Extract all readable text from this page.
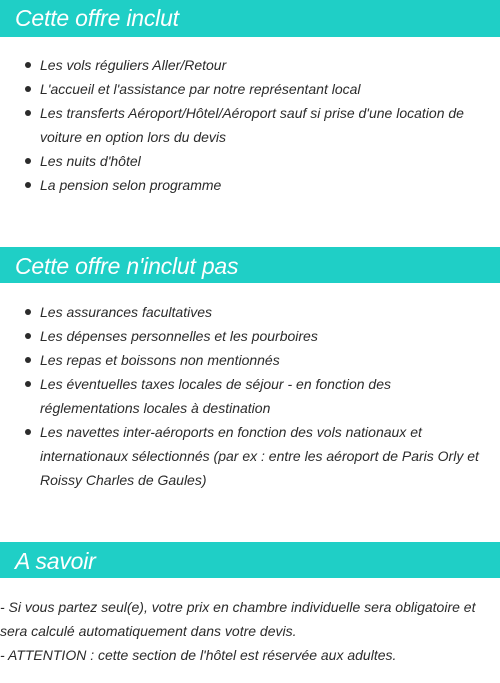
Cette offre inclut
Les vols réguliers Aller/Retour
L'accueil et l'assistance par notre représentant local
Les transferts Aéroport/Hôtel/Aéroport sauf si prise d'une location de voiture en option lors du devis
Les nuits d'hôtel
La pension selon programme
Cette offre n'inclut pas
Les assurances facultatives
Les dépenses personnelles et les pourboires
Les repas et boissons non mentionnés
Les éventuelles taxes locales de séjour - en fonction des réglementations locales à destination
Les navettes inter-aéroports en fonction des vols nationaux et internationaux sélectionnés (par ex : entre les aéroport de Paris Orly et Roissy Charles de Gaules)
A savoir

- Si vous partez seul(e), votre prix en chambre individuelle sera obligatoire et sera calculé automatiquement dans votre devis.

- ATTENTION : cette section de l'hôtel est réservée aux adultes.
